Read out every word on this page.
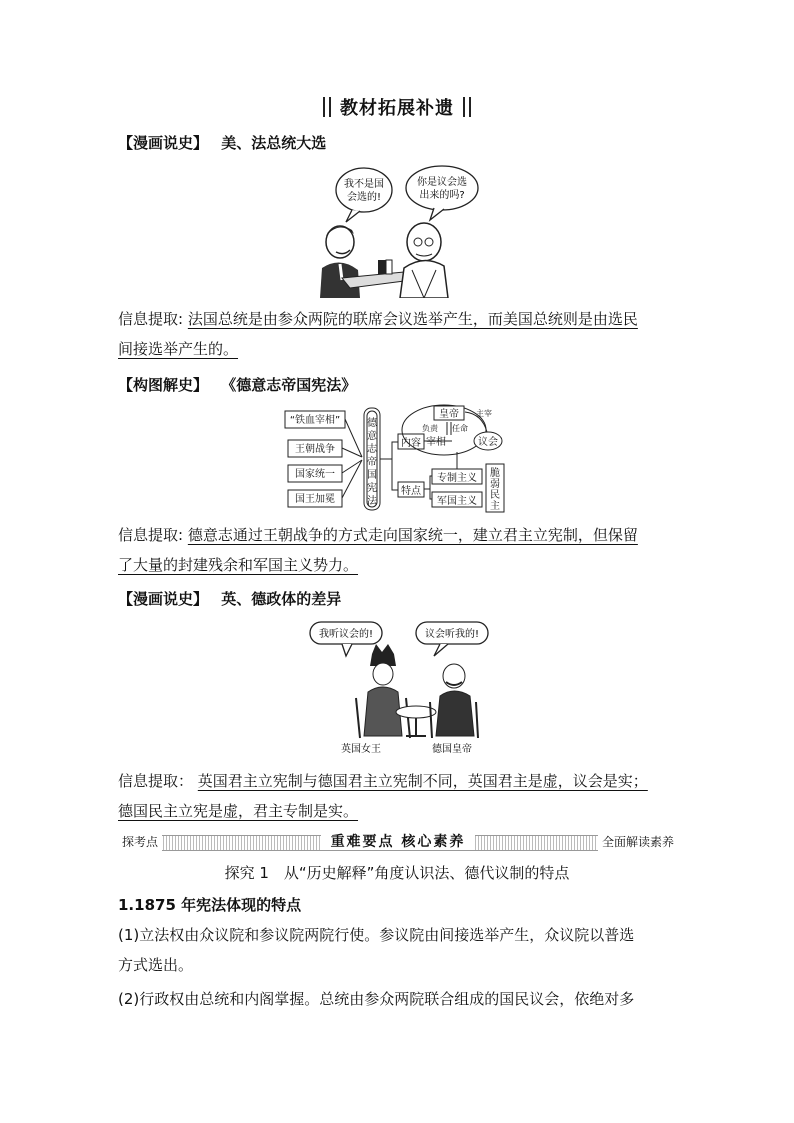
教材拓展补遗
【漫画说史】 美、法总统大选
我不是国
会选的!
你是议会选
出来的吗?
信息提取: 法国总统是由参众两院的联席会议选举产生，而美国总统则是由选民
间接选举产生的。
【构图解史】 《德意志帝国宪法》
“铁血宰相”
王朝战争
国家统一
国王加冕
德
意
志
帝
国
宪
法
内容
皇帝
负责 任命
宰相
主宰
议会
特点
专制主义
军国主义
脆
弱
民
主
信息提取: 德意志通过王朝战争的方式走向国家统一，建立君主立宪制，但保留
了大量的封建残余和军国主义势力。
【漫画说史】 英、德政体的差异
我听议会的!	议会听我的!
英国女王	德国皇帝
信息提取： 英国君主立宪制与德国君主立宪制不同，英国君主是虚，议会是实；
德国民主立宪是虚，君主专制是实。
探考点	重难要点 核心素养	全面解读素养
探究 1　从“历史解释”角度认识法、德代议制的特点
1.1875 年宪法体现的特点
(1)立法权由众议院和参议院两院行使。参议院由间接选举产生，众议院以普选
方式选出。
(2)行政权由总统和内阁掌握。总统由参众两院联合组成的国民议会，依绝对多
